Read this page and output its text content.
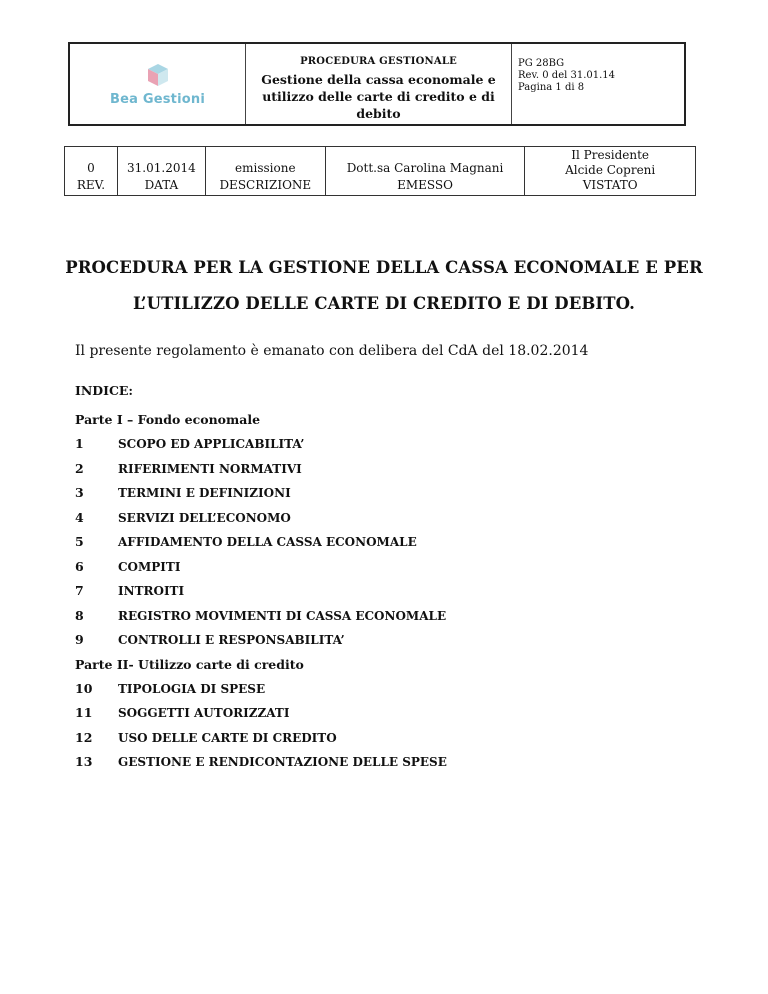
Bea Gestioni
PROCEDURA GESTIONALE
Gestione della cassa economale e utilizzo delle carte di credito e di debito
PG 28BG
Rev. 0 del 31.01.14
Pagina 1 di 8
0
REV.

31.01.2014
DATA

emissione
DESCRIZIONE

Dott.sa Carolina Magnani
EMESSO

Il Presidente
Alcide Copreni
VISTATO
PROCEDURA PER LA GESTIONE DELLA CASSA ECONOMALE E PER
L’UTILIZZO DELLE CARTE DI CREDITO E DI DEBITO.
Il presente regolamento è emanato con delibera del CdA del 18.02.2014
INDICE:
Parte I – Fondo economale
1	SCOPO ED APPLICABILITA’
2	RIFERIMENTI NORMATIVI
3	TERMINI E DEFINIZIONI
4	SERVIZI DELL’ECONOMO
5	AFFIDAMENTO DELLA CASSA ECONOMALE
6	COMPITI
7	INTROITI
8	REGISTRO MOVIMENTI DI CASSA ECONOMALE
9	CONTROLLI E RESPONSABILITA’
Parte II- Utilizzo carte di credito
10	TIPOLOGIA DI SPESE
11	SOGGETTI AUTORIZZATI
12	USO DELLE CARTE DI CREDITO
13	GESTIONE E RENDICONTAZIONE DELLE SPESE
